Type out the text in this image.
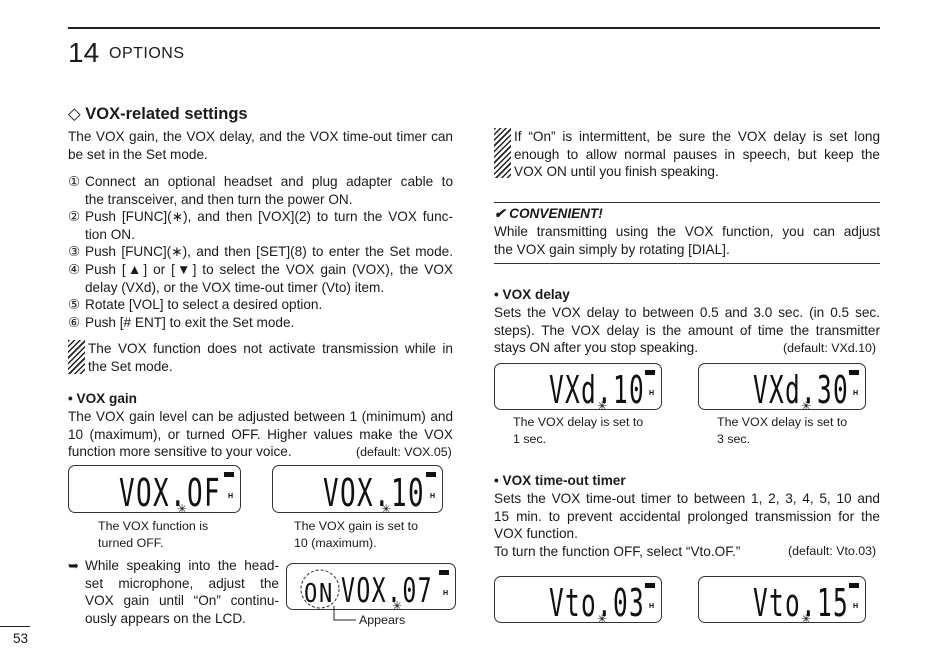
14 OPTIONS
53
◇ VOX-related settings
The VOX gain, the VOX delay, and the VOX time-out timer can
be set in the Set mode.
① Connect an optional headset and plug adapter cable to
the transceiver, and then turn the power ON.
② Push [FUNC](∗), and then [VOX](2) to turn the VOX func-
tion ON.
③ Push [FUNC](∗), and then [SET](8) to enter the Set mode.
④ Push [▲] or [▼] to select the VOX gain (VOX), the VOX
delay (VXd), or the VOX time-out timer (Vto) item.
⑤ Rotate [VOL] to select a desired option.
⑥ Push [# ENT] to exit the Set mode.
The VOX function does not activate transmission while in
the Set mode.
• VOX gain
The VOX gain level can be adjusted between 1 (minimum) and
10 (maximum), or turned OFF. Higher values make the VOX
function more sensitive to your voice.	(default: VOX.05)
VOX.OF H
✳
The VOX function is
turned OFF.
VOX.10 H
✳
The VOX gain is set to
10 (maximum).
➥ While speaking into the head-
set microphone, adjust the
VOX gain until “On” continu-
ously appears on the LCD.
ON VOX.07 H
✳
Appears
If “On” is intermittent, be sure the VOX delay is set long
enough to allow normal pauses in speech, but keep the
VOX ON until you finish speaking.
✔ CONVENIENT!
While transmitting using the VOX function, you can adjust
the VOX gain simply by rotating [DIAL].
• VOX delay
Sets the VOX delay to between 0.5 and 3.0 sec. (in 0.5 sec.
steps). The VOX delay is the amount of time the transmitter
stays ON after you stop speaking.	(default: VXd.10)
VXd.10 H
✳
The VOX delay is set to
1 sec.
VXd.30 H
✳
The VOX delay is set to
3 sec.
• VOX time-out timer
Sets the VOX time-out timer to between 1, 2, 3, 4, 5, 10 and
15 min. to prevent accidental prolonged transmission for the
VOX function.
To turn the function OFF, select “Vto.OF.”	(default: Vto.03)
Vto.03 H
✳	Vto.15 H
✳
